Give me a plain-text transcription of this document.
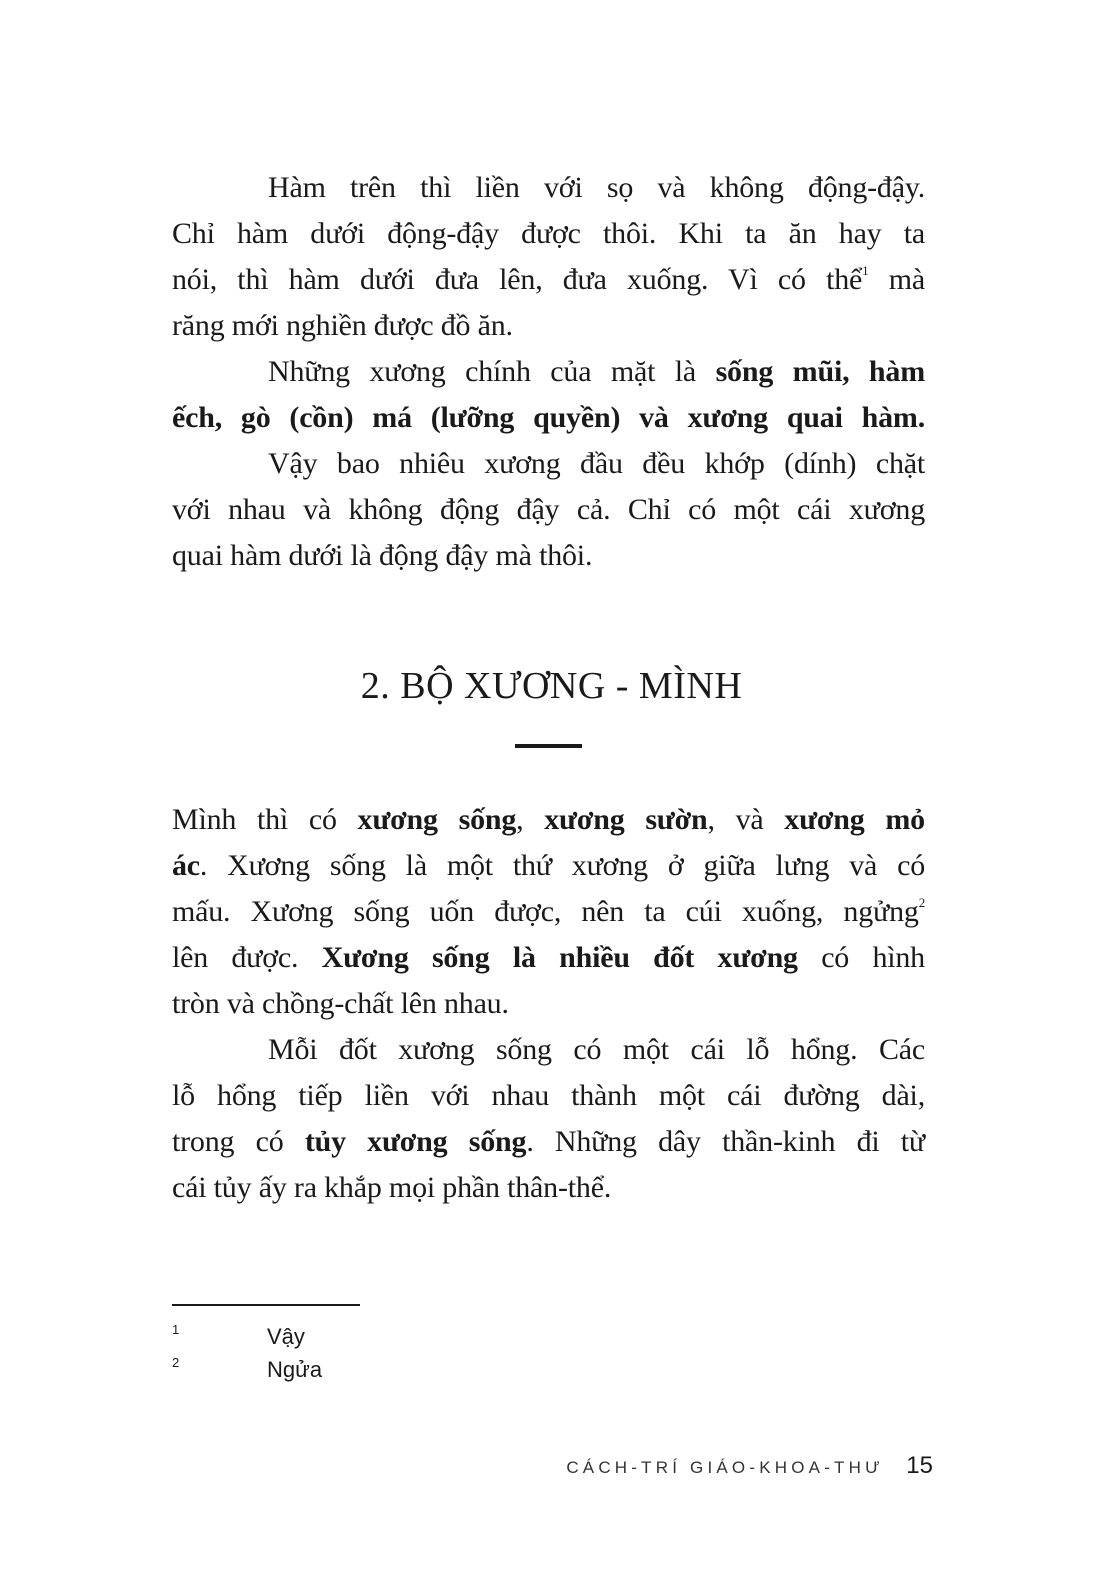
Hàm trên thì liền với sọ và không động-đậy.
Chỉ hàm dưới động-đậy được thôi. Khi ta ăn hay ta
nói, thì hàm dưới đưa lên, đưa xuống. Vì có thể$^1$ mà
răng mới nghiền được đồ ăn.
Những xương chính của mặt là sống mũi, hàm
ếch, gò (cồn) má (lưỡng quyền) và xương quai hàm.
Vậy bao nhiêu xương đầu đều khớp (dính) chặt
với nhau và không động đậy cả. Chỉ có một cái xương
quai hàm dưới là động đậy mà thôi.
2. BỘ XƯƠNG - MÌNH
Mình thì có xương sống, xương sườn, và xương mỏ
ác. Xương sống là một thứ xương ở giữa lưng và có
mấu. Xương sống uốn được, nên ta cúi xuống, ngửng$^2$
lên được. Xương sống là nhiều đốt xương có hình
tròn và chồng-chất lên nhau.
Mỗi đốt xương sống có một cái lỗ hổng. Các
lỗ hổng tiếp liền với nhau thành một cái đường dài,
trong có tủy xương sống. Những dây thần-kinh đi từ
cái tủy ấy ra khắp mọi phần thân-thể.
1	Vậy
2	Ngửa
CÁCH-TRÍ GIÁO-KHOA-THƯ 15
